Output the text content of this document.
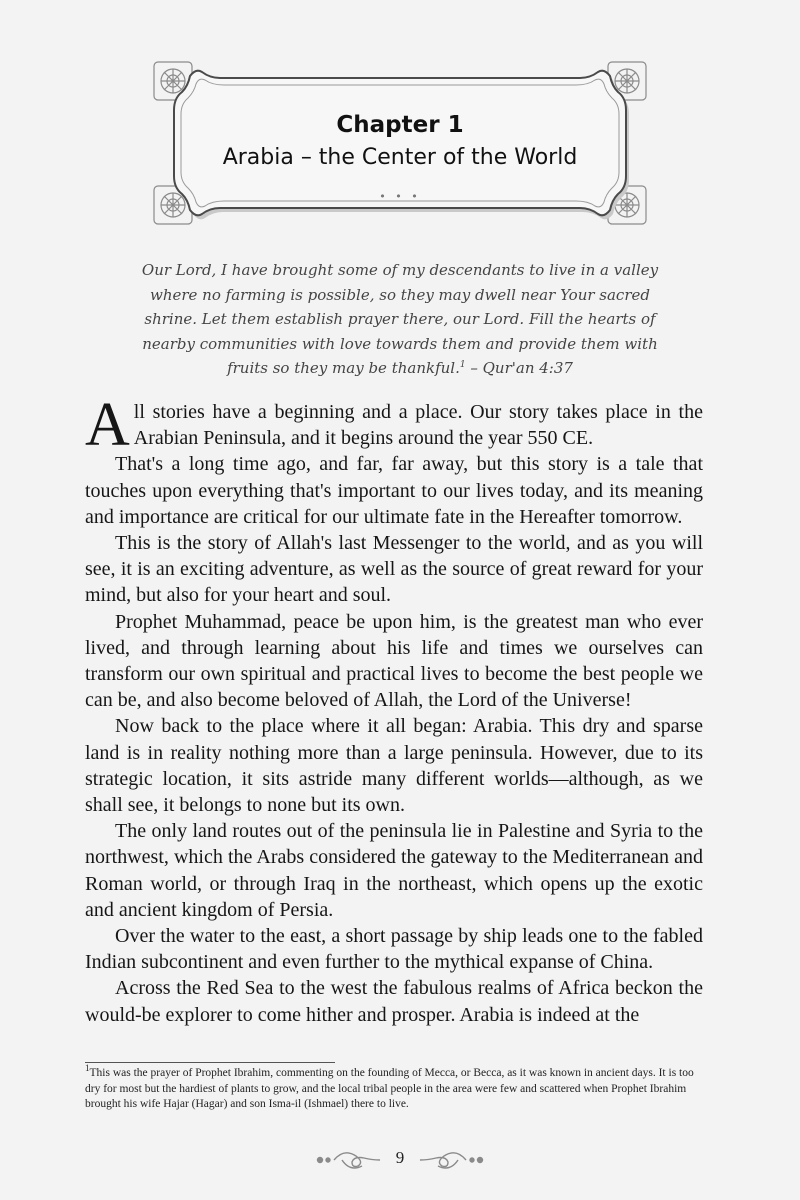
Chapter 1
Arabia – the Center of the World
• • •

Our Lord, I have brought some of my descendants to live in a valley

where no farming is possible, so they may dwell near Your sacred

shrine. Let them establish prayer there, our Lord. Fill the hearts of

nearby communities with love towards them and provide them with

fruits so they may be thankful.$^1$ – Qur'an 4:37

All stories have a beginning and a place. Our story takes place in the Arabian Peninsula, and it begins around the year 550 CE.

That's a long time ago, and far, far away, but this story is a tale that touches upon everything that's important to our lives today, and its meaning and importance are critical for our ultimate fate in the Hereafter tomorrow.

This is the story of Allah's last Messenger to the world, and as you will see, it is an exciting adventure, as well as the source of great reward for your mind, but also for your heart and soul.

Prophet Muhammad, peace be upon him, is the greatest man who ever lived, and through learning about his life and times we ourselves can transform our own spiritual and practical lives to become the best people we can be, and also become beloved of Allah, the Lord of the Universe!

Now back to the place where it all began: Arabia. This dry and sparse land is in reality nothing more than a large peninsula. However, due to its strategic location, it sits astride many different worlds—although, as we shall see, it belongs to none but its own.

The only land routes out of the peninsula lie in Palestine and Syria to the northwest, which the Arabs considered the gateway to the Mediterranean and Roman world, or through Iraq in the northeast, which opens up the exotic and ancient kingdom of Persia.

Over the water to the east, a short passage by ship leads one to the fabled Indian subcontinent and even further to the mythical expanse of China.

Across the Red Sea to the west the fabulous realms of Africa beckon the would-be explorer to come hither and prosper. Arabia is indeed at the

$^1$This was the prayer of Prophet Ibrahim, commenting on the founding of Mecca, or Becca, as it was known in ancient days. It is too dry for most but the hardiest of plants to grow, and the local tribal people in the area were few and scattered when Prophet Ibrahim brought his wife Hajar (Hagar) and son Isma-il (Ishmael) there to live.

9
